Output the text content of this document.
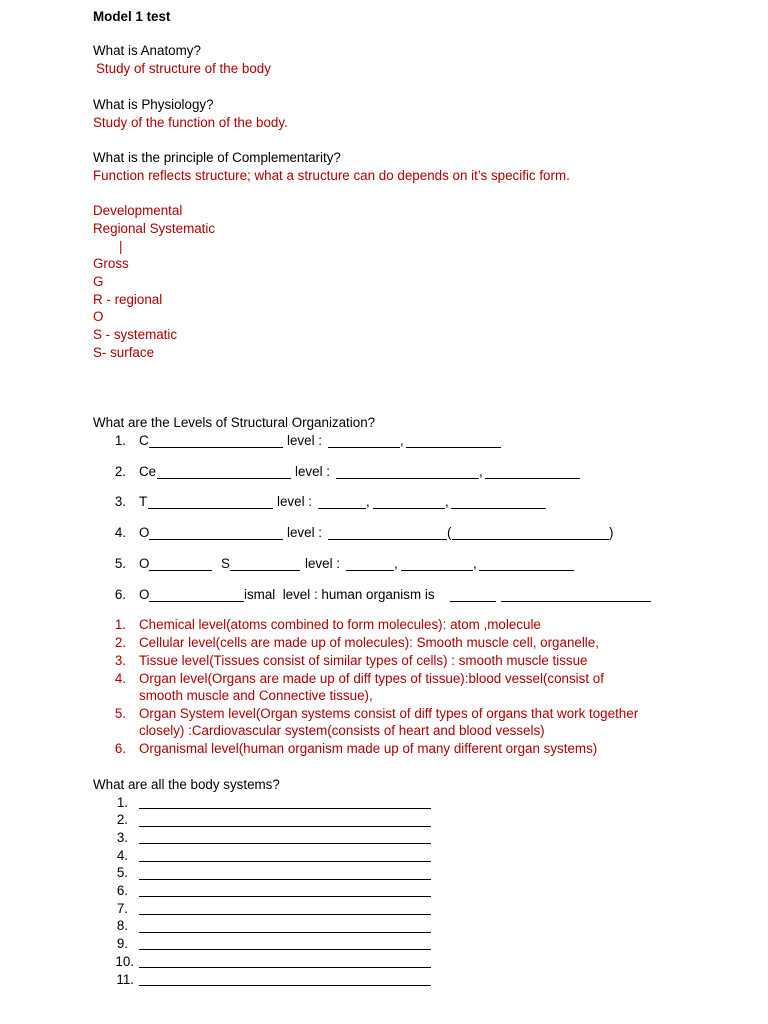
Model 1 test
What is Anatomy?
Study of structure of the body
What is Physiology?
Study of the function of the body.
What is the principle of Complementarity?
Function reflects structure; what a structure can do depends on it’s specific form.
Developmental
Regional Systematic
|
Gross
G
R - regional
O
S - systematic
S- surface
What are the Levels of Structural Organization?
1. C	level :	,
2. Ce	level :	,
3. T	level :	,	,
4. O	level :	(	)
5. O	S	level :	,	,
6. O	ismal  level : human organism is
1. Chemical level(atoms combined to form molecules): atom ,molecule
2. Cellular level(cells are made up of molecules): Smooth muscle cell, organelle,
3. Tissue level(Tissues consist of similar types of cells) : smooth muscle tissue
4. Organ level(Organs are made up of diff types of tissue):blood vessel(consist of
smooth muscle and Connective tissue),
5. Organ System level(Organ systems consist of diff types of organs that work together
closely) :Cardiovascular system(consists of heart and blood vessels)
6. Organismal level(human organism made up of many different organ systems)
What are all the body systems?
1.
2.
3.
4.
5.
6.
7.
8.
9.
10.
11.
